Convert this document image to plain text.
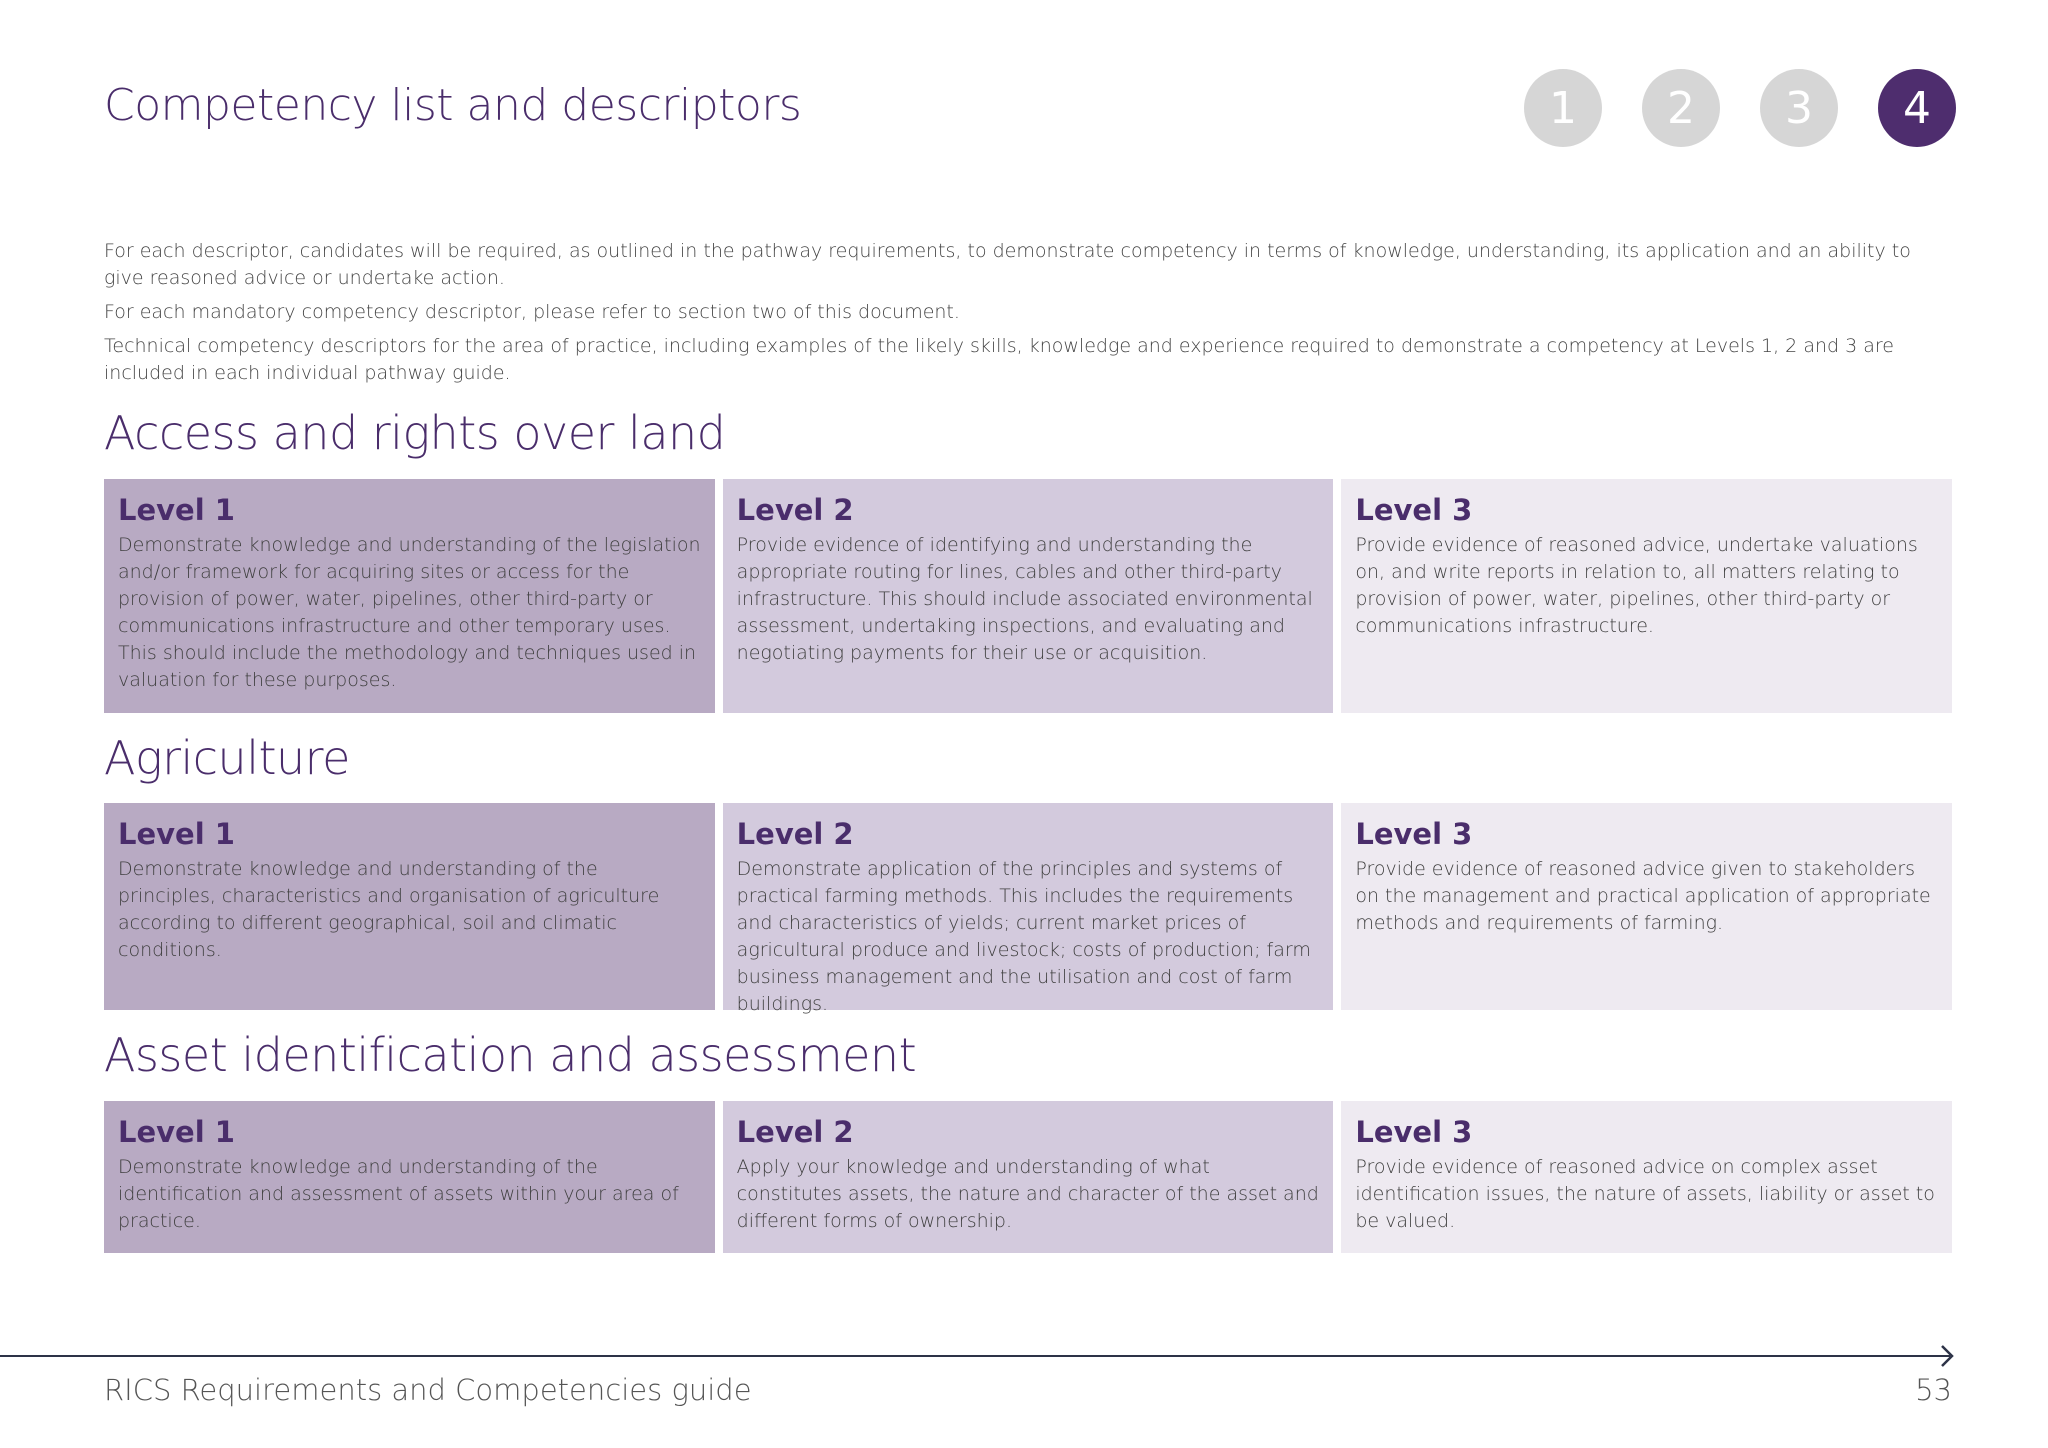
Competency list and descriptors	1	2	3	4

For each descriptor, candidates will be required, as outlined in the pathway requirements, to demonstrate competency in terms of knowledge, understanding, its application and an ability to give reasoned advice or undertake action.

For each mandatory competency descriptor, please refer to section two of this document.

Technical competency descriptors for the area of practice, including examples of the likely skills, knowledge and experience required to demonstrate a competency at Levels 1, 2 and 3 are included in each individual pathway guide.

Access and rights over land
Level 1
Demonstrate knowledge and understanding of the legislation and/or framework for acquiring sites or access for the provision of power, water, pipelines, other third-party or communications infrastructure and other temporary uses. This should include the methodology and techniques used in valuation for these purposes.
Level 2
Provide evidence of identifying and understanding the appropriate routing for lines, cables and other third-party infrastructure. This should include associated environmental assessment, undertaking inspections, and evaluating and negotiating payments for their use or acquisition.
Level 3
Provide evidence of reasoned advice, undertake valuations on, and write reports in relation to, all matters relating to provision of power, water, pipelines, other third-party or communications infrastructure.
Agriculture
Level 1
Demonstrate knowledge and understanding of the principles, characteristics and organisation of agriculture according to different geographical, soil and climatic conditions.
Level 2
Demonstrate application of the principles and systems of practical farming methods. This includes the requirements and characteristics of yields; current market prices of agricultural produce and livestock; costs of production; farm business management and the utilisation and cost of farm buildings.
Level 3
Provide evidence of reasoned advice given to stakeholders on the management and practical application of appropriate methods and requirements of farming.
Asset identification and assessment
Level 1
Demonstrate knowledge and understanding of the identification and assessment of assets within your area of practice.
Level 2
Apply your knowledge and understanding of what constitutes assets, the nature and character of the asset and different forms of ownership.
Level 3
Provide evidence of reasoned advice on complex asset identification issues, the nature of assets, liability or asset to be valued.
RICS Requirements and Competencies guide	53
